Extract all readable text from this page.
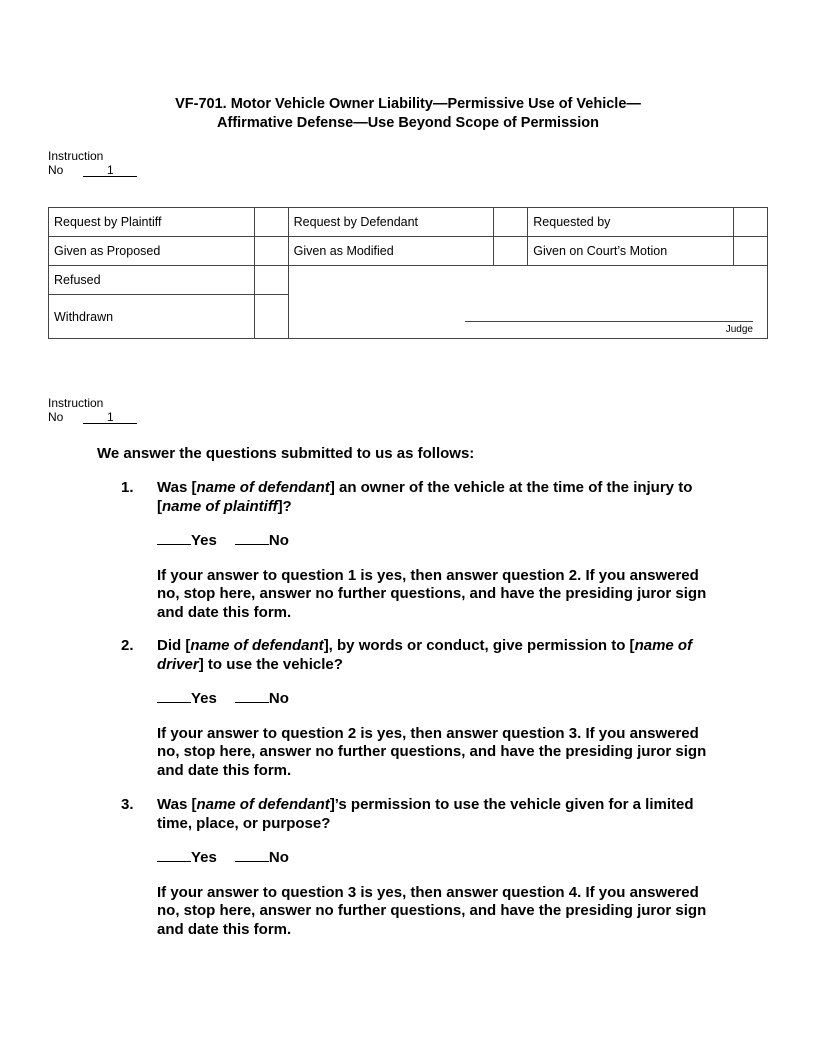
VF-701. Motor Vehicle Owner Liability—Permissive Use of Vehicle—
Affirmative Defense—Use Beyond Scope of Permission
Instruction
No	1
Request by Plaintiff		Request by Defendant		Requested by	
Given as Proposed		Given as Modified		Given on Court’s Motion	
Refused		Judge			

Withdrawn					
Instruction
No	1
We answer the questions submitted to us as follows:
1.	Was [name of defendant] an owner of the vehicle at the time of the injury to [name of plaintiff]?

Yes	No

If your answer to question 1 is yes, then answer question 2. If you answered no, stop here, answer no further questions, and have the presiding juror sign and date this form.

2.	Did [name of defendant], by words or conduct, give permission to [name of driver] to use the vehicle?

Yes	No

If your answer to question 2 is yes, then answer question 3. If you answered no, stop here, answer no further questions, and have the presiding juror sign and date this form.

3.	Was [name of defendant]’s permission to use the vehicle given for a limited time, place, or purpose?

Yes	No

If your answer to question 3 is yes, then answer question 4. If you answered no, stop here, answer no further questions, and have the presiding juror sign and date this form.
